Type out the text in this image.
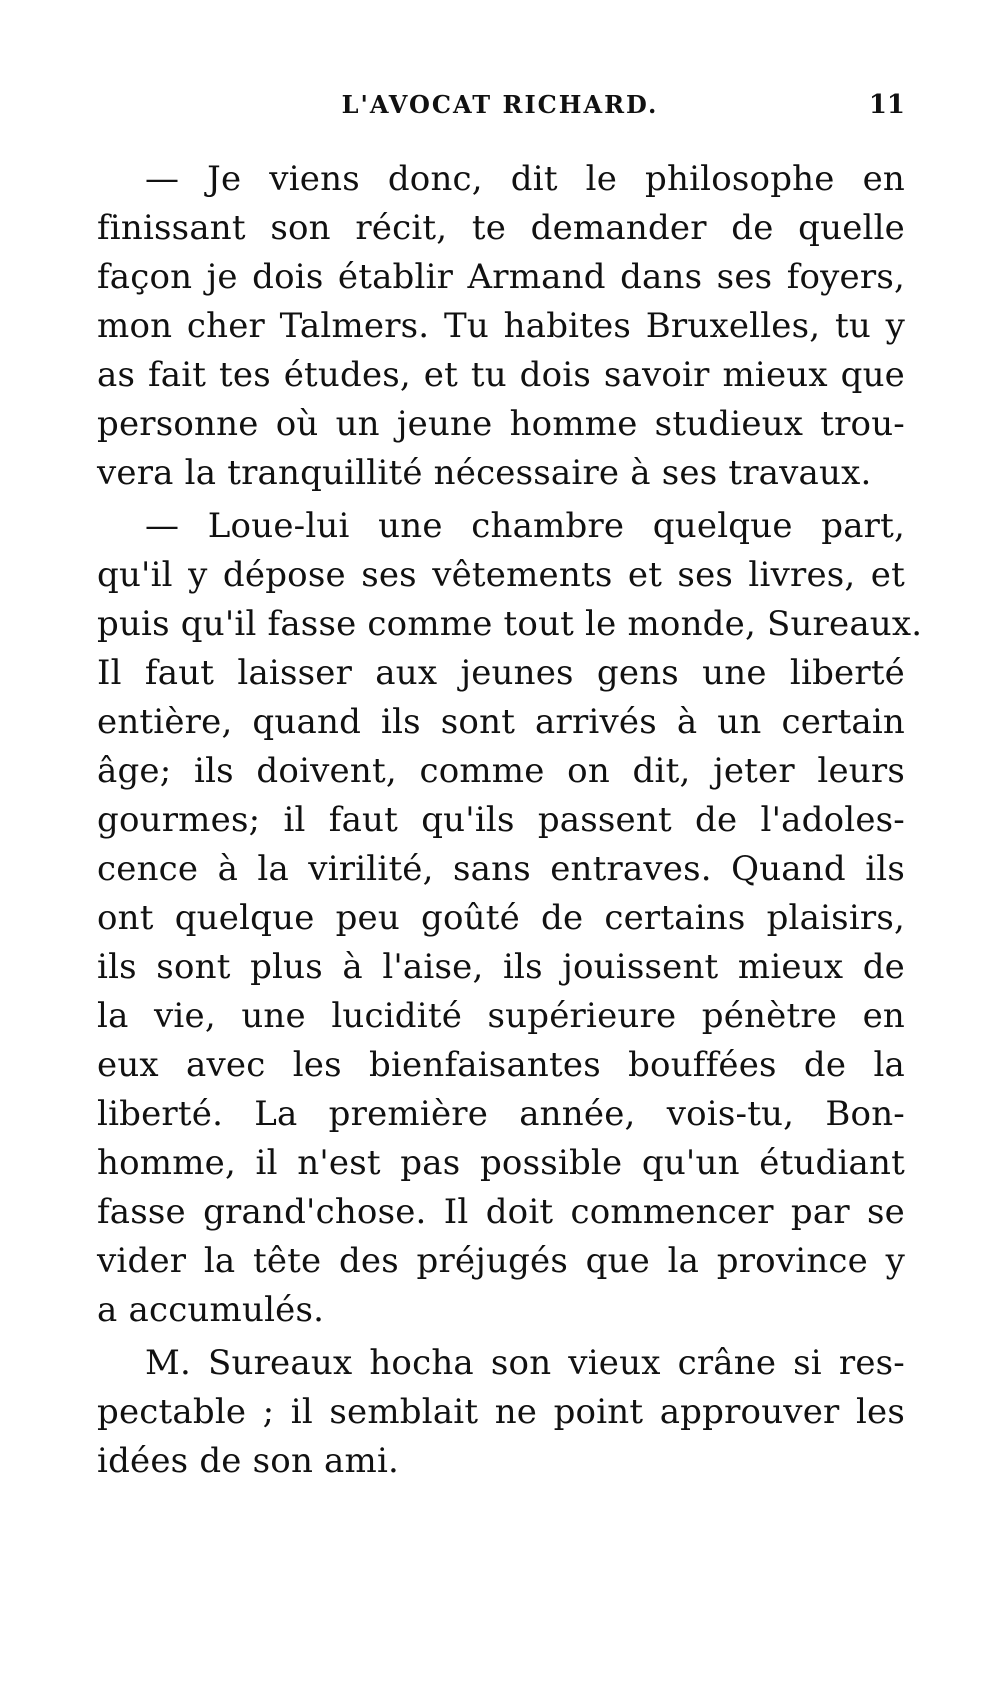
L'AVOCAT RICHARD.	11
— Je viens donc, dit le philosophe en
finissant son récit, te demander de quelle
façon je dois établir Armand dans ses foyers,
mon cher Talmers. Tu habites Bruxelles, tu y
as fait tes études, et tu dois savoir mieux que
personne où un jeune homme studieux trou-
vera la tranquillité nécessaire à ses travaux.
— Loue-lui une chambre quelque part,
qu'il y dépose ses vêtements et ses livres, et
puis qu'il fasse comme tout le monde, Sureaux.
Il faut laisser aux jeunes gens une liberté
entière, quand ils sont arrivés à un certain
âge; ils doivent, comme on dit, jeter leurs
gourmes; il faut qu'ils passent de l'adoles-
cence à la virilité, sans entraves. Quand ils
ont quelque peu goûté de certains plaisirs,
ils sont plus à l'aise, ils jouissent mieux de
la vie, une lucidité supérieure pénètre en
eux avec les bienfaisantes bouffées de la
liberté. La première année, vois-tu, Bon-
homme, il n'est pas possible qu'un étudiant
fasse grand'chose. Il doit commencer par se
vider la tête des préjugés que la province y
a accumulés.
M. Sureaux hocha son vieux crâne si res-
pectable ; il semblait ne point approuver les
idées de son ami.
